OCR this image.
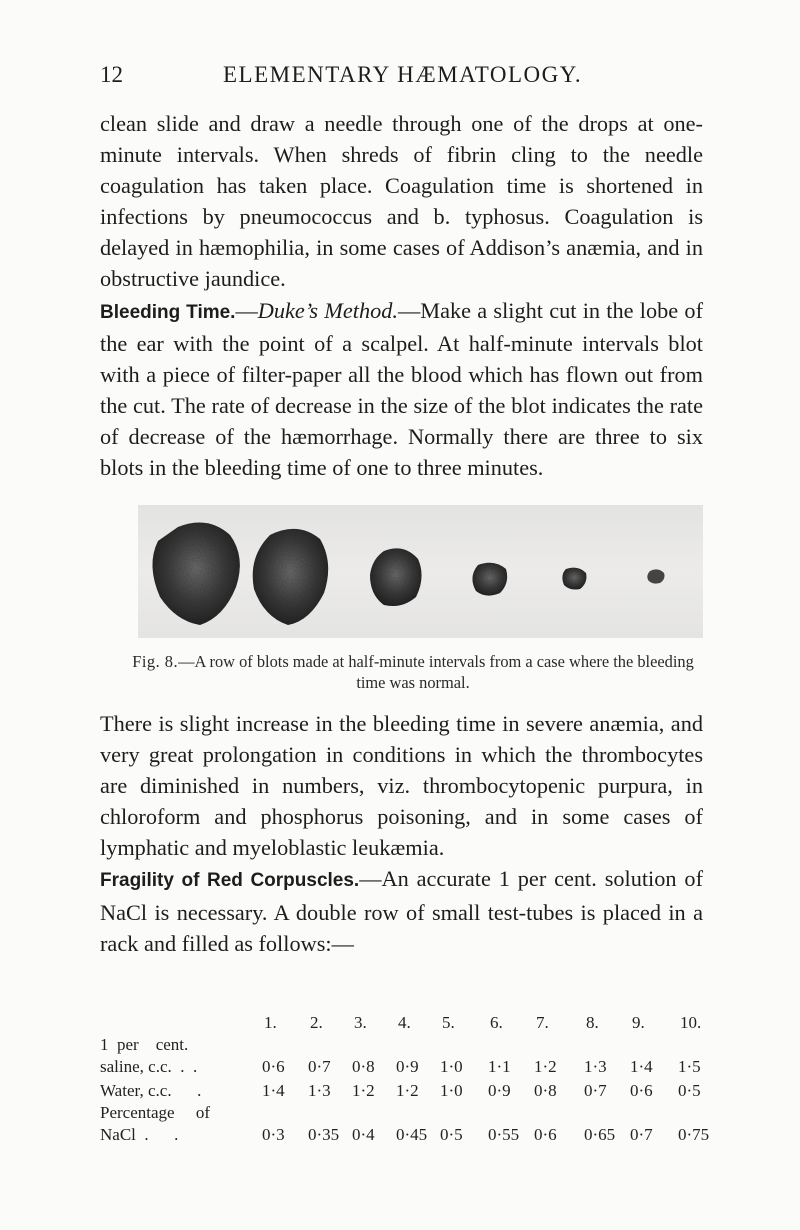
12	ELEMENTARY HÆMATOLOGY.

clean slide and draw a needle through one of the drops at one-minute intervals. When shreds of fibrin cling to the needle coagulation has taken place. Coagulation time is shortened in infections by pneumococcus and b. typhosus. Coagulation is delayed in hæmophilia, in some cases of Addison’s anæmia, and in obstructive jaundice.
Bleeding Time.—Duke’s Method.—Make a slight cut in the lobe of the ear with the point of a scalpel. At half-minute intervals blot with a piece of filter-paper all the blood which has flown out from the cut. The rate of decrease in the size of the blot indicates the rate of decrease of the hæmorrhage. Normally there are three to six blots in the bleeding time of one to three minutes.

Fig. 8.—A row of blots made at half-minute intervals from a case where the bleeding time was normal.

There is slight increase in the bleeding time in severe anæmia, and very great prolongation in conditions in which the thrombocytes are diminished in numbers, viz. thrombocytopenic purpura, in chloroform and phosphorus poisoning, and in some cases of lymphatic and myeloblastic leukæmia.
Fragility of Red Corpuscles.—An accurate 1 per cent. solution of NaCl is necessary. A double row of small test-tubes is placed in a rack and filled as follows:—

1. 2. 3. 4. 5. 6. 7. 8. 9. 10.
1  per    cent.
saline, c.c.  .  .	0·6 0·7 0·8 0·9 1·0 1·1 1·2 1·3 1·4 1·5
Water, c.c.      .	1·4 1·3 1·2 1·2 1·0 0·9 0·8 0·7 0·6 0·5
Percentage     of
NaCl  .      .	0·3 0·35 0·4 0·45 0·5 0·55 0·6 0·65 0·7 0·75
